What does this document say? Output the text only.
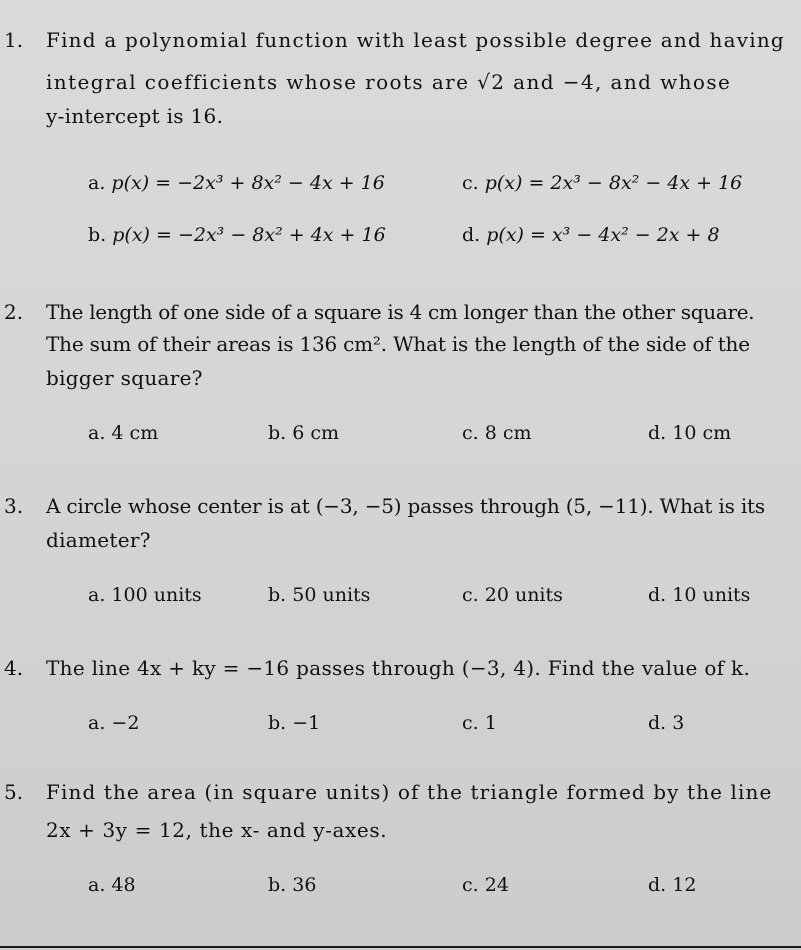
1. Find a polynomial function with least possible degree and having
integral coefficients whose roots are √2 and −4, and whose
y-intercept is 16.
a. p(x) = −2x³ + 8x² − 4x + 16	c. p(x) = 2x³ − 8x² − 4x + 16
b. p(x) = −2x³ − 8x² + 4x + 16	d. p(x) = x³ − 4x² − 2x + 8
2. The length of one side of a square is 4 cm longer than the other square.
The sum of their areas is 136 cm². What is the length of the side of the
bigger square?
a. 4 cm	b. 6 cm	c. 8 cm	d. 10 cm
3. A circle whose center is at (−3, −5) passes through (5, −11). What is its
diameter?
a. 100 units	b. 50 units	c. 20 units	d. 10 units
4. The line 4x + ky = −16 passes through (−3, 4). Find the value of k.
a. −2	b. −1	c. 1	d. 3
5. Find the area (in square units) of the triangle formed by the line
2x + 3y = 12, the x- and y-axes.
a. 48	b. 36	c. 24	d. 12
